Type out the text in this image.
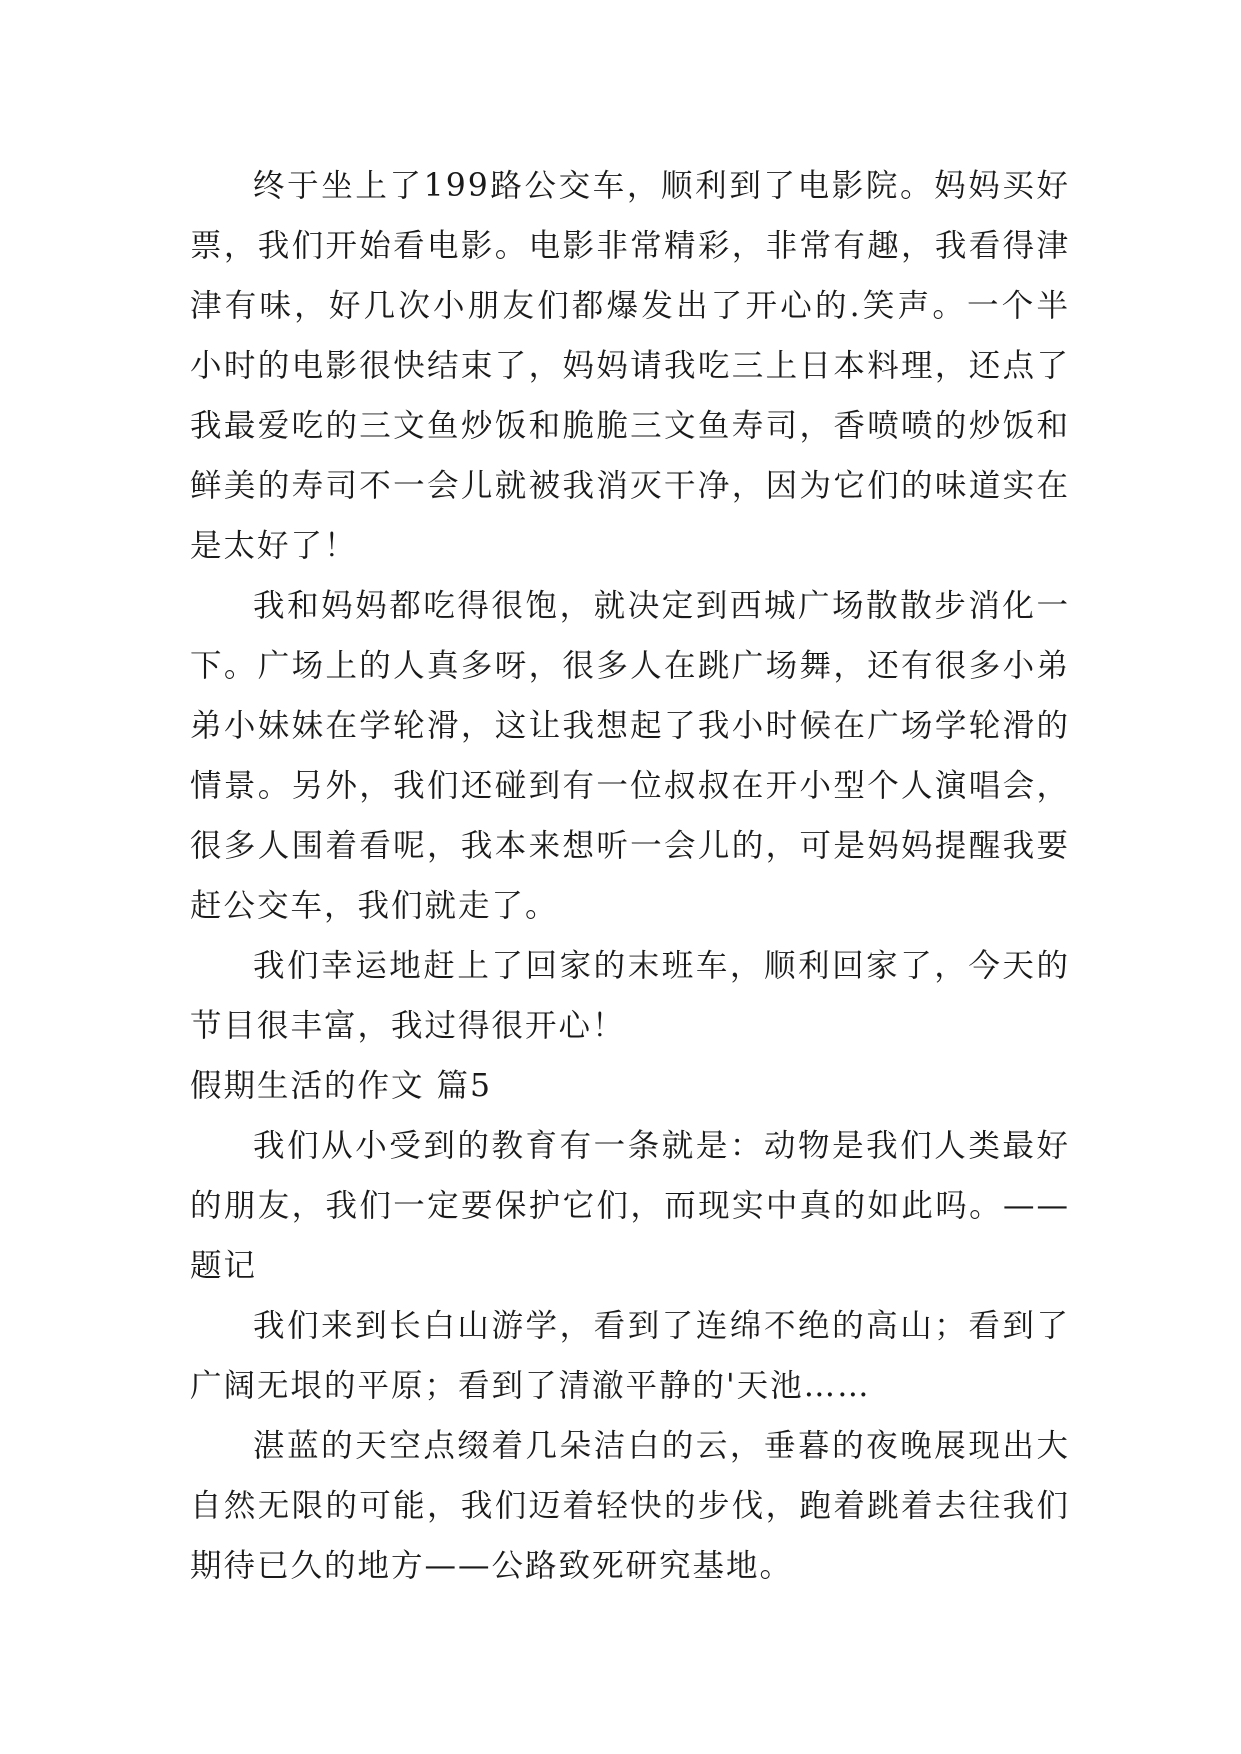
终于坐上了199路公交车，顺利到了电影院。妈妈买好票，我们开始看电影。电影非常精彩，非常有趣，我看得津津有味，好几次小朋友们都爆发出了开心的.笑声。一个半小时的电影很快结束了，妈妈请我吃三上日本料理，还点了我最爱吃的三文鱼炒饭和脆脆三文鱼寿司，香喷喷的炒饭和鲜美的寿司不一会儿就被我消灭干净，因为它们的味道实在是太好了！

我和妈妈都吃得很饱，就决定到西城广场散散步消化一下。广场上的人真多呀，很多人在跳广场舞，还有很多小弟弟小妹妹在学轮滑，这让我想起了我小时候在广场学轮滑的情景。另外，我们还碰到有一位叔叔在开小型个人演唱会，很多人围着看呢，我本来想听一会儿的，可是妈妈提醒我要赶公交车，我们就走了。

我们幸运地赶上了回家的末班车，顺利回家了，今天的节目很丰富，我过得很开心！

假期生活的作文 篇5

我们从小受到的教育有一条就是：动物是我们人类最好的朋友，我们一定要保护它们，而现实中真的如此吗。——题记

我们来到长白山游学，看到了连绵不绝的高山；看到了广阔无垠的平原；看到了清澈平静的'天池……

湛蓝的天空点缀着几朵洁白的云，垂暮的夜晚展现出大自然无限的可能，我们迈着轻快的步伐，跑着跳着去往我们期待已久的地方——公路致死研究基地。
